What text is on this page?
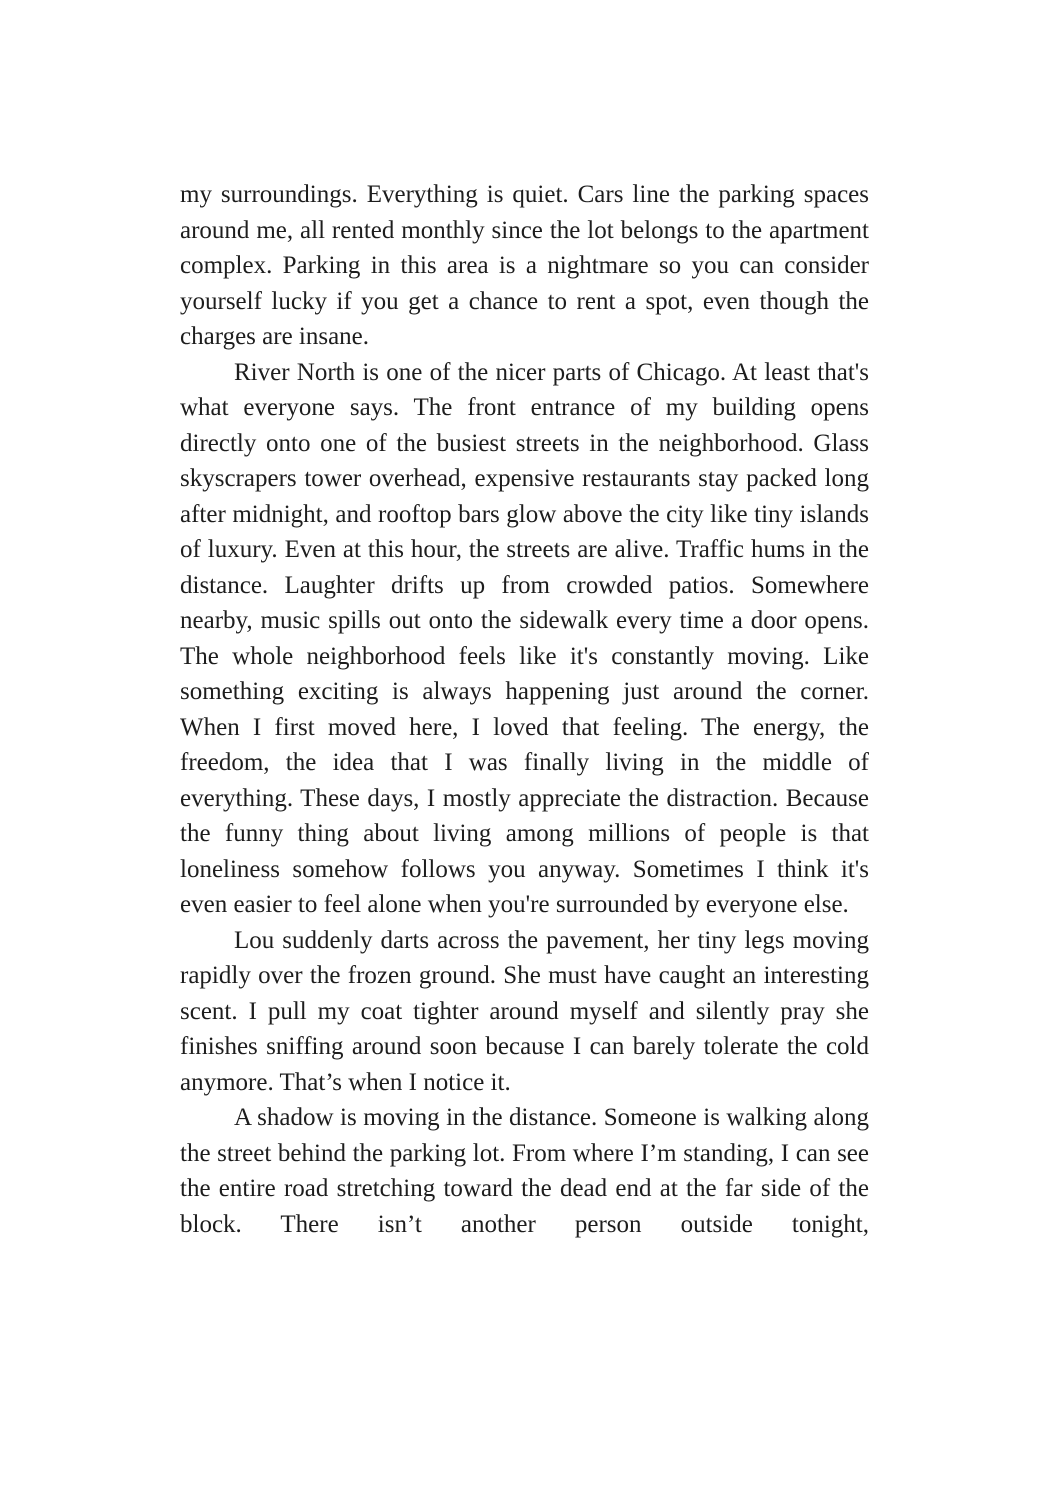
my surroundings. Everything is quiet. Cars line the parking spaces around me, all rented monthly since the lot belongs to the apartment complex. Parking in this area is a nightmare so you can consider yourself lucky if you get a chance to rent a spot, even though the charges are insane.

River North is one of the nicer parts of Chicago. At least that's what everyone says. The front entrance of my building opens directly onto one of the busiest streets in the neighborhood. Glass skyscrapers tower overhead, expensive restaurants stay packed long after midnight, and rooftop bars glow above the city like tiny islands of luxury. Even at this hour, the streets are alive. Traffic hums in the distance. Laughter drifts up from crowded patios. Somewhere nearby, music spills out onto the sidewalk every time a door opens. The whole neighborhood feels like it's constantly moving. Like something exciting is always happening just around the corner. When I first moved here, I loved that feeling. The energy, the freedom, the idea that I was finally living in the middle of everything. These days, I mostly appreciate the distraction. Because the funny thing about living among millions of people is that loneliness somehow follows you anyway. Sometimes I think it's even easier to feel alone when you're surrounded by everyone else.

Lou suddenly darts across the pavement, her tiny legs moving rapidly over the frozen ground. She must have caught an interesting scent. I pull my coat tighter around myself and silently pray she finishes sniffing around soon because I can barely tolerate the cold anymore. That’s when I notice it.

A shadow is moving in the distance. Someone is walking along the street behind the parking lot. From where I’m standing, I can see the entire road stretching toward the dead end at the far side of the block. There isn’t another person outside tonight,
